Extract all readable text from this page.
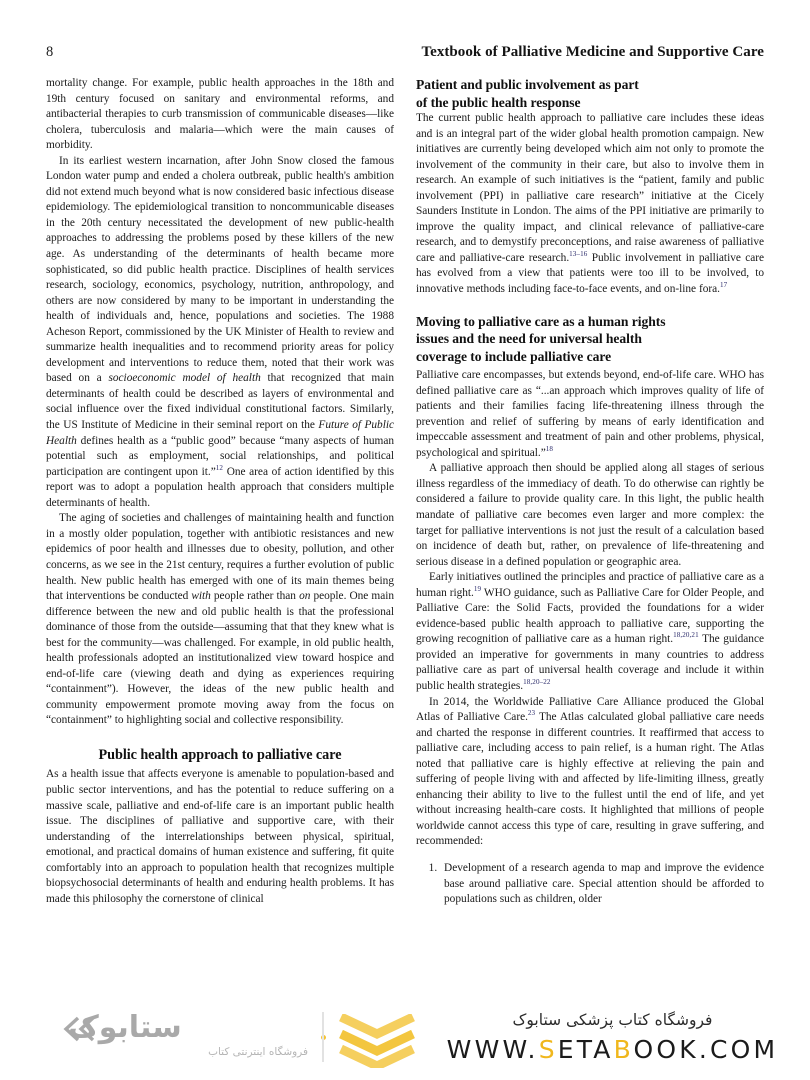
8	Textbook of Palliative Medicine and Supportive Care

mortality change. For example, public health approaches in the 18th and 19th century focused on sanitary and environmental reforms, and antibacterial therapies to curb transmission of communicable diseases—like cholera, tuberculosis and malaria—which were the main causes of morbidity.

In its earliest western incarnation, after John Snow closed the famous London water pump and ended a cholera outbreak, public health's ambition did not extend much beyond what is now considered basic infectious disease epidemiology. The epidemiological transition to noncommunicable diseases in the 20th century necessitated the development of new public-health approaches to addressing the problems posed by these killers of the new age. As understanding of the determinants of health became more sophisticated, so did public health practice. Disciplines of health services research, sociology, economics, psychology, nutrition, anthropology, and others are now considered by many to be important in understanding the health of individuals and, hence, populations and societies. The 1988 Acheson Report, commissioned by the UK Minister of Health to review and summarize health inequalities and to recommend priority areas for policy development and interventions to reduce them, noted that their work was based on a socioeconomic model of health that recognized that main determinants of health could be described as layers of environmental and social influence over the fixed individual constitutional factors. Similarly, the US Institute of Medicine in their seminal report on the Future of Public Health defines health as a “public good” because “many aspects of human potential such as employment, social relationships, and political participation are contingent upon it.”$^{12}$ One area of action identified by this report was to adopt a population health approach that considers multiple determinants of health.

The aging of societies and challenges of maintaining health and function in a mostly older population, together with antibiotic resistances and new epidemics of poor health and illnesses due to obesity, pollution, and other concerns, as we see in the 21st century, requires a further evolution of public health. New public health has emerged with one of its main themes being that interventions be conducted with people rather than on people. One main difference between the new and old public health is that the professional dominance of those from the outside—assuming that that they knew what is best for the community—was challenged. For example, in old public health, health professionals adopted an institutionalized view toward hospice and end-of-life care (viewing death and dying as experiences requiring “containment”). However, the ideas of the new public health and community empowerment promote moving away from the focus on “containment” to highlighting social and collective responsibility.

Public health approach to palliative care

As a health issue that affects everyone is amenable to population-based and public sector interventions, and has the potential to reduce suffering on a massive scale, palliative and end-of-life care is an important public health issue. The disciplines of palliative and supportive care, with their understanding of the interrelationships between physical, spiritual, emotional, and practical domains of human existence and suffering, fit quite comfortably into an approach to population health that recognizes multiple biopsychosocial determinants of health and enduring health problems. It has made this philosophy the cornerstone of clinical

Patient and public involvement as part
of the public health response

The current public health approach to palliative care includes these ideas and is an integral part of the wider global health promotion campaign. New initiatives are currently being developed which aim not only to promote the involvement of the community in their care, but also to involve them in research. An example of such initiatives is the “patient, family and public involvement (PPI) in palliative care research” initiative at the Cicely Saunders Institute in London. The aims of the PPI initiative are primarily to improve the quality impact, and clinical relevance of palliative-care research, and to demystify preconceptions, and raise awareness of palliative care and palliative-care research.$^{13-16}$ Public involvement in palliative care has evolved from a view that patients were too ill to be involved, to innovative methods including face-to-face events, and on-line fora.$^{17}$

Moving to palliative care as a human rights
issues and the need for universal health
coverage to include palliative care

Palliative care encompasses, but extends beyond, end-of-life care. WHO has defined palliative care as “...an approach which improves quality of life of patients and their families facing life-threatening illness through the prevention and relief of suffering by means of early identification and impeccable assessment and treatment of pain and other problems, physical, psychological and spiritual.”$^{18}$

A palliative approach then should be applied along all stages of serious illness regardless of the immediacy of death. To do otherwise can rightly be considered a failure to provide quality care. In this light, the public health mandate of palliative care becomes even larger and more complex: the target for palliative interventions is not just the result of a calculation based on incidence of death but, rather, on prevalence of life-threatening and serious disease in a defined population or geographic area.

Early initiatives outlined the principles and practice of palliative care as a human right.$^{19}$ WHO guidance, such as Palliative Care for Older People, and Palliative Care: the Solid Facts, provided the foundations for a wider evidence-based public health approach to palliative care, supporting the growing recognition of palliative care as a human right.$^{18,20,21}$ The guidance provided an imperative for governments in many countries to address palliative care as part of universal health coverage and include it within public health strategies.$^{18,20-22}$

In 2014, the Worldwide Palliative Care Alliance produced the Global Atlas of Palliative Care.$^{23}$ The Atlas calculated global palliative care needs and charted the response in different countries. It reaffirmed that access to palliative care, including access to pain relief, is a human right. The Atlas noted that palliative care is highly effective at relieving the pain and suffering of people living with and affected by life-limiting illness, greatly enhancing their ability to live to the fullest until the end of life, and yet without increasing health-care costs. It highlighted that millions of people worldwide cannot access this type of care, resulting in grave suffering, and recommended:

1. Development of a research agenda to map and improve the evidence base around palliative care. Special attention should be afforded to populations such as children, older
ستابوک
فروشگاه اینترنتی کتاب
فروشگاه کتاب پزشکی ستابوک
WWW.SETABOOK.COM
